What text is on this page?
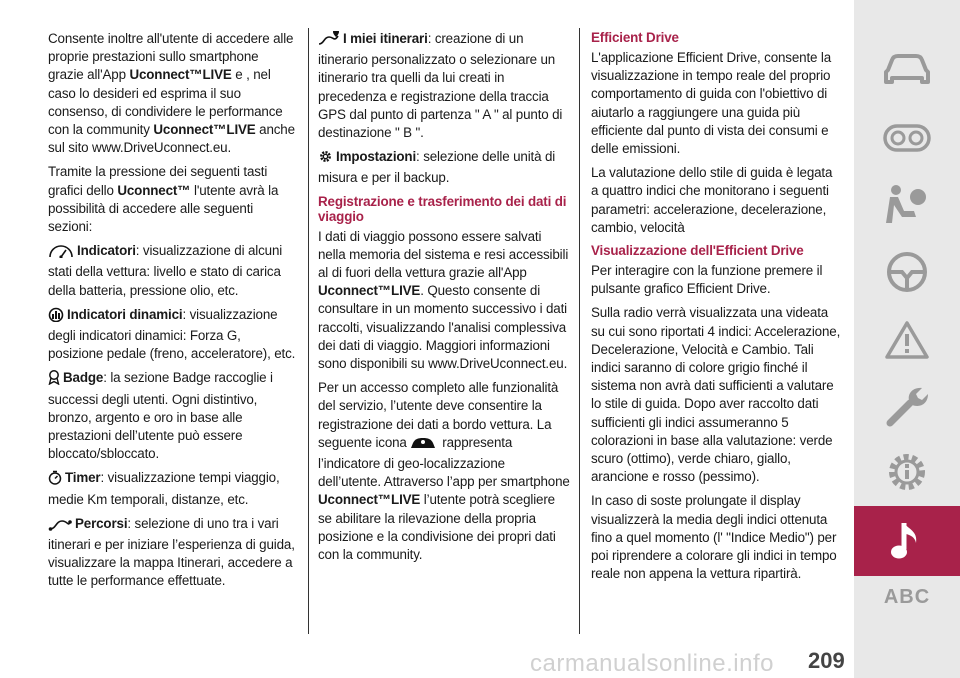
Consente inoltre all'utente di accedere alle proprie prestazioni sullo smartphone grazie all'App Uconnect™LIVE e , nel caso lo desideri ed esprima il suo consenso, di condividere le performance con la community Uconnect™LIVE anche sul sito www.DriveUconnect.eu.

Tramite la pressione dei seguenti tasti grafici dello Uconnect™ l'utente avrà la possibilità di accedere alle seguenti sezioni:

Indicatori: visualizzazione di alcuni stati della vettura: livello e stato di carica della batteria, pressione olio, etc.

Indicatori dinamici: visualizzazione degli indicatori dinamici: Forza G, posizione pedale (freno, acceleratore), etc.

Badge: la sezione Badge raccoglie i successi degli utenti. Ogni distintivo, bronzo, argento e oro in base alle prestazioni dell’utente può essere bloccato/sbloccato.

Timer: visualizzazione tempi viaggio, medie Km temporali, distanze, etc.

Percorsi: selezione di uno tra i vari itinerari e per iniziare l’esperienza di guida, visualizzare la mappa Itinerari, accedere a tutte le performance effettuate.

I miei itinerari: creazione di un itinerario personalizzato o selezionare un itinerario tra quelli da lui creati in precedenza e registrazione della traccia GPS dal punto di partenza " A " al punto di destinazione " B ".

Impostazioni: selezione delle unità di misura e per il backup.

Registrazione e trasferimento dei dati di viaggio

I dati di viaggio possono essere salvati nella memoria del sistema e resi accessibili al di fuori della vettura grazie all'App Uconnect™LIVE. Questo consente di consultare in un momento successivo i dati raccolti, visualizzando l'analisi complessiva dei dati di viaggio. Maggiori informazioni sono disponibili su www.DriveUconnect.eu.

Per un accesso completo alle funzionalità del servizio, l’utente deve consentire la registrazione dei dati a bordo vettura. La seguente icona rappresenta l’indicatore di geo-localizzazione dell’utente. Attraverso l’app per smartphone Uconnect™LIVE l’utente potrà scegliere se abilitare la rilevazione della propria posizione e la condivisione dei propri dati con la community.

Efficient Drive

L'applicazione Efficient Drive, consente la visualizzazione in tempo reale del proprio comportamento di guida con l'obiettivo di aiutarlo a raggiungere una guida più efficiente dal punto di vista dei consumi e delle emissioni.

La valutazione dello stile di guida è legata a quattro indici che monitorano i seguenti parametri: accelerazione, decelerazione, cambio, velocità

Visualizzazione dell'Efficient Drive

Per interagire con la funzione premere il pulsante grafico Efficient Drive.

Sulla radio verrà visualizzata una videata su cui sono riportati 4 indici: Accelerazione, Decelerazione, Velocità e Cambio. Tali indici saranno di colore grigio finché il sistema non avrà dati sufficienti a valutare lo stile di guida. Dopo aver raccolto dati sufficienti gli indici assumeranno 5 colorazioni in base alla valutazione: verde scuro (ottimo), verde chiaro, giallo, arancione e rosso (pessimo).

In caso di soste prolungate il display visualizzerà la media degli indici ottenuta fino a quel momento (l' "Indice Medio") per poi riprendere a colorare gli indici in tempo reale non appena la vettura ripartirà.

ABC
carmanualsonline.info 209
